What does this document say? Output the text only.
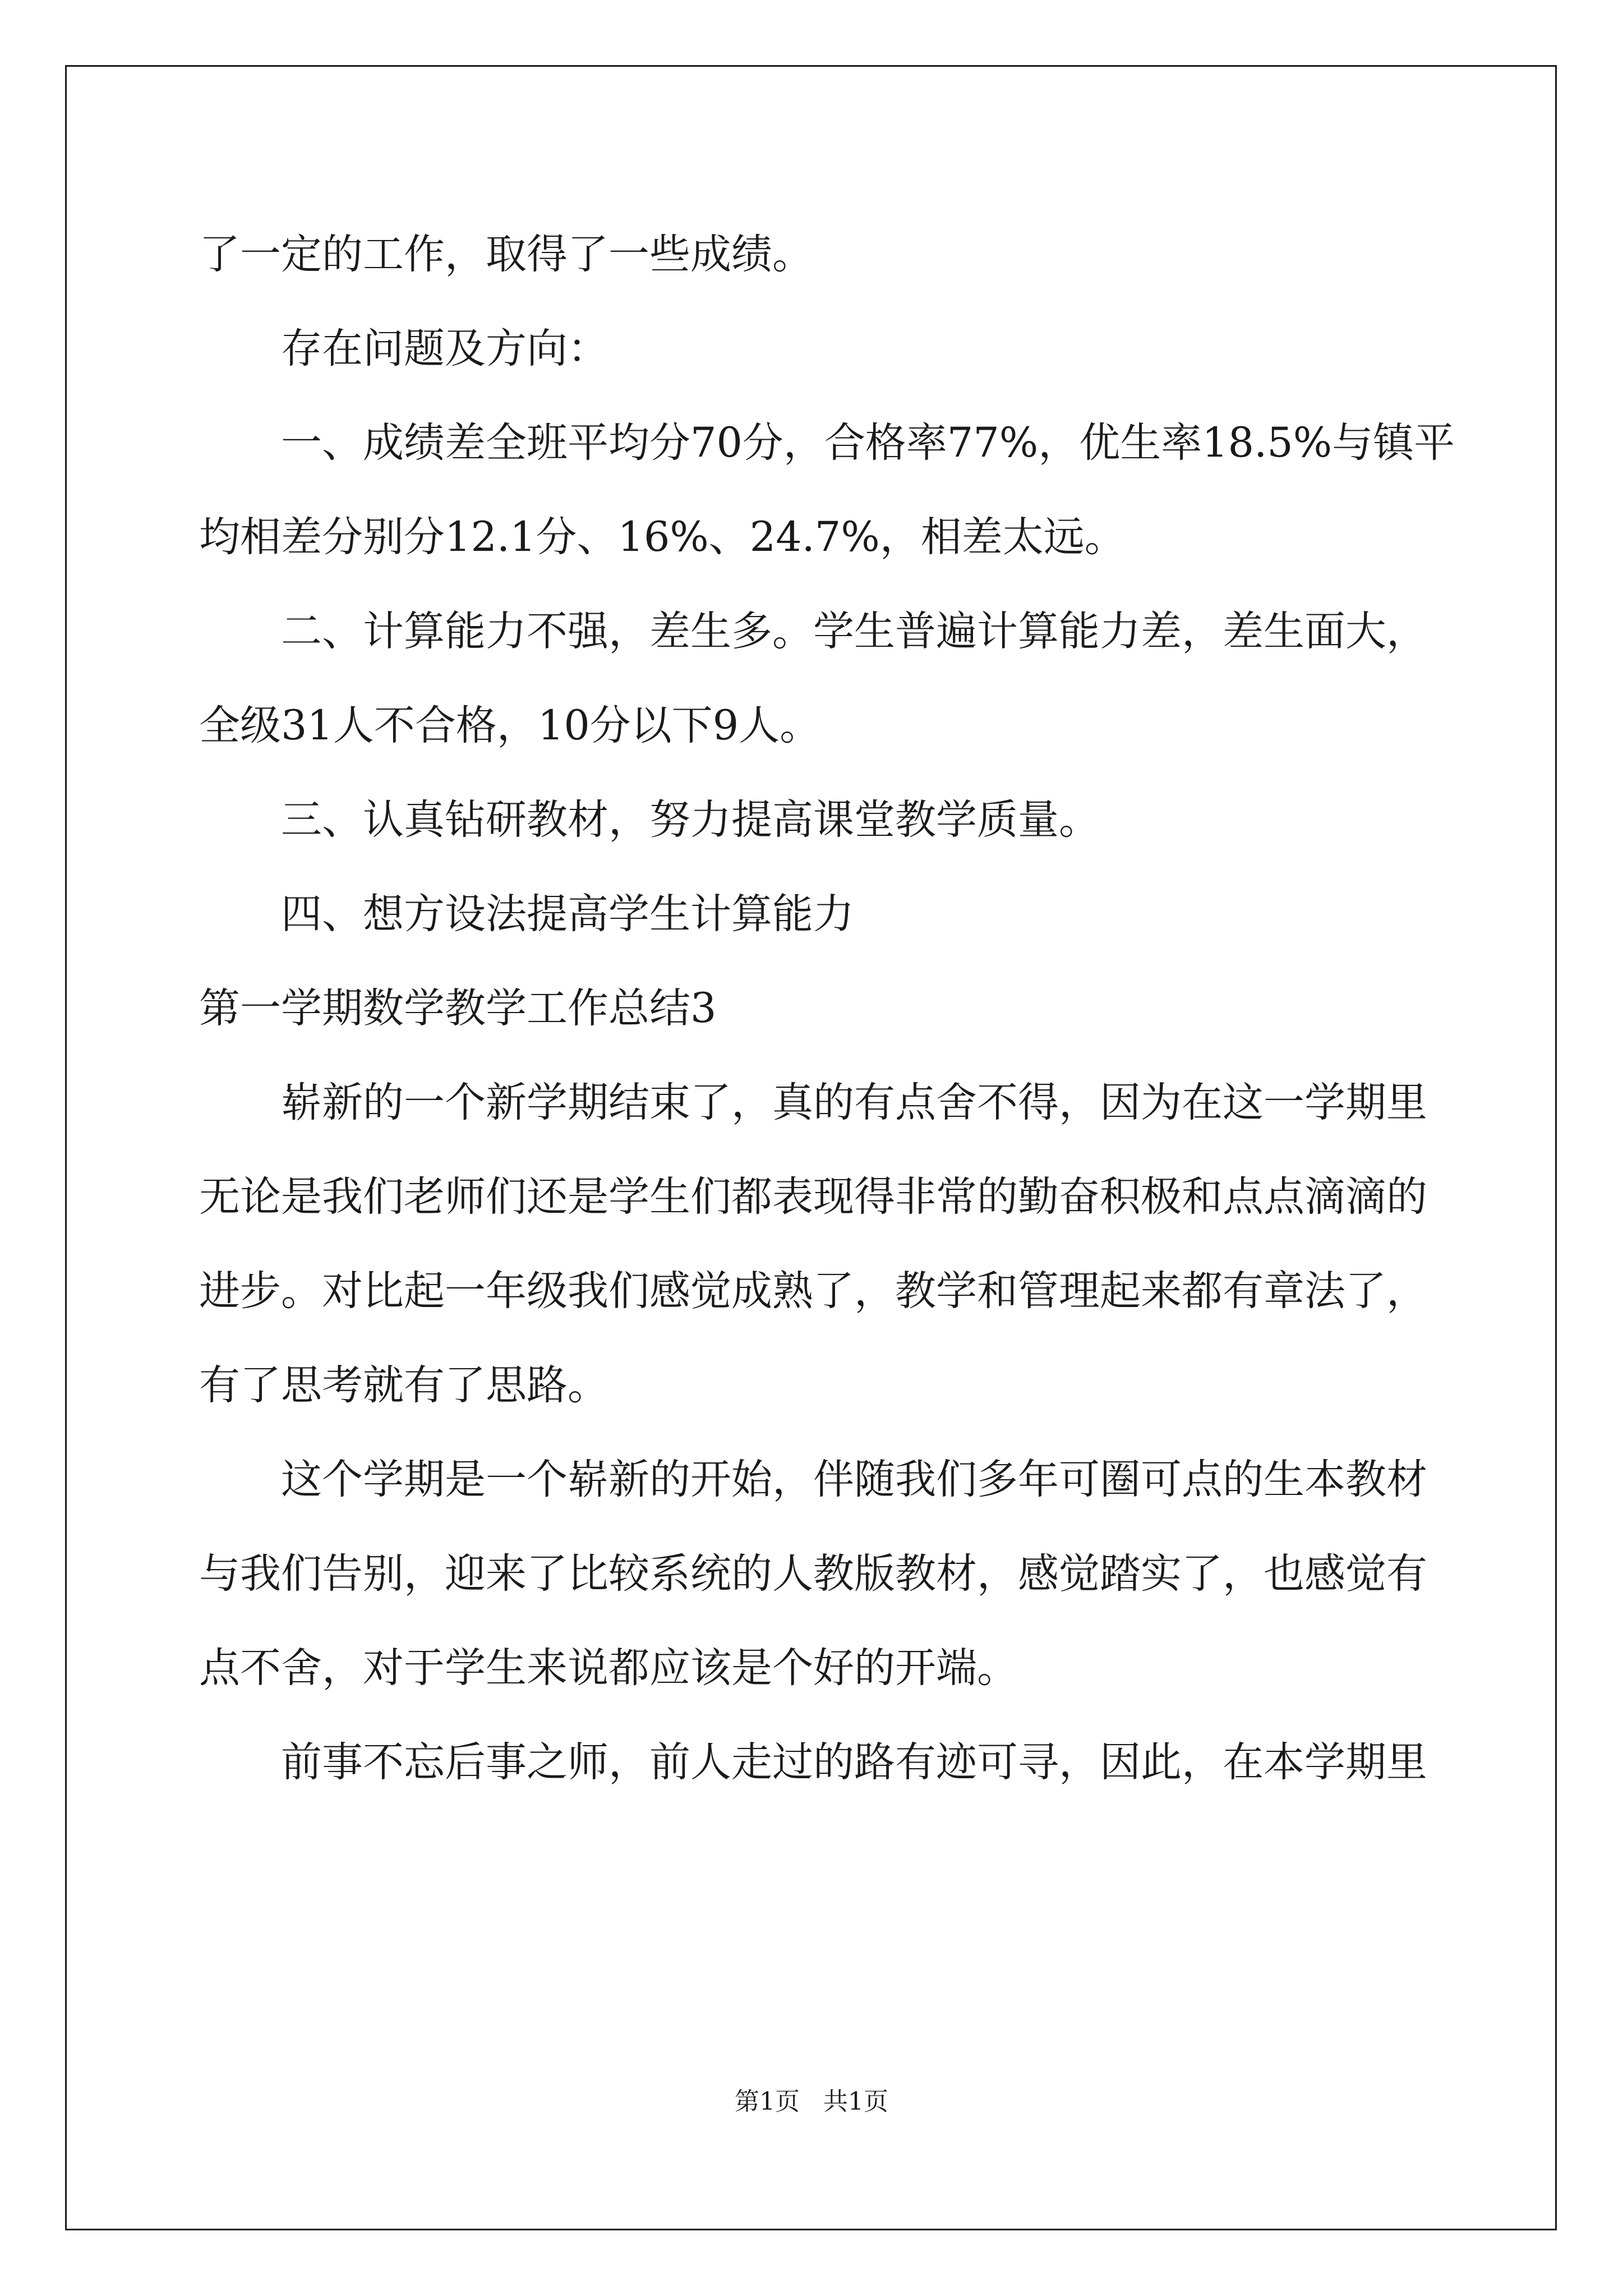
了一定的工作，取得了一些成绩。
存在问题及方向：
一 、 成 绩 差 全 班 平 均 分 7 0 分 ， 合 格 率 7 7 % ， 优 生 率 1 8 . 5 % 与 镇 平
均相差分别分12.1分、16%、24.7%，相差太远。
二 、 计 算 能 力 不 强 ， 差 生 多 。 学 生 普 遍 计 算 能 力 差 ， 差 生 面 大 ，
全级31人不合格，10分以下9人。
三、认真钻研教材，努力提高课堂教学质量。
四、想方设法提高学生计算能力
第一学期数学教学工作总结3
崭 新 的 一 个 新 学 期 结 束 了 ， 真 的 有 点 舍 不 得 ， 因 为 在 这 一 学 期 里
无 论 是 我 们 老 师 们 还 是 学 生 们 都 表 现 得 非 常 的 勤 奋 积 极 和 点 点 滴 滴 的
进 步 。 对 比 起 一 年 级 我 们 感 觉 成 熟 了 ， 教 学 和 管 理 起 来 都 有 章 法 了 ，
有了思考就有了思路。
这 个 学 期 是 一 个 崭 新 的 开 始 ， 伴 随 我 们 多 年 可 圈 可 点 的 生 本 教 材
与 我 们 告 别 ， 迎 来 了 比 较 系 统 的 人 教 版 教 材 ， 感 觉 踏 实 了 ， 也 感 觉 有
点不舍，对于学生来说都应该是个好的开端。
前 事 不 忘 后 事 之 师 ， 前 人 走 过 的 路 有 迹 可 寻 ， 因 此 ， 在 本 学 期 里
第1页   共1页
